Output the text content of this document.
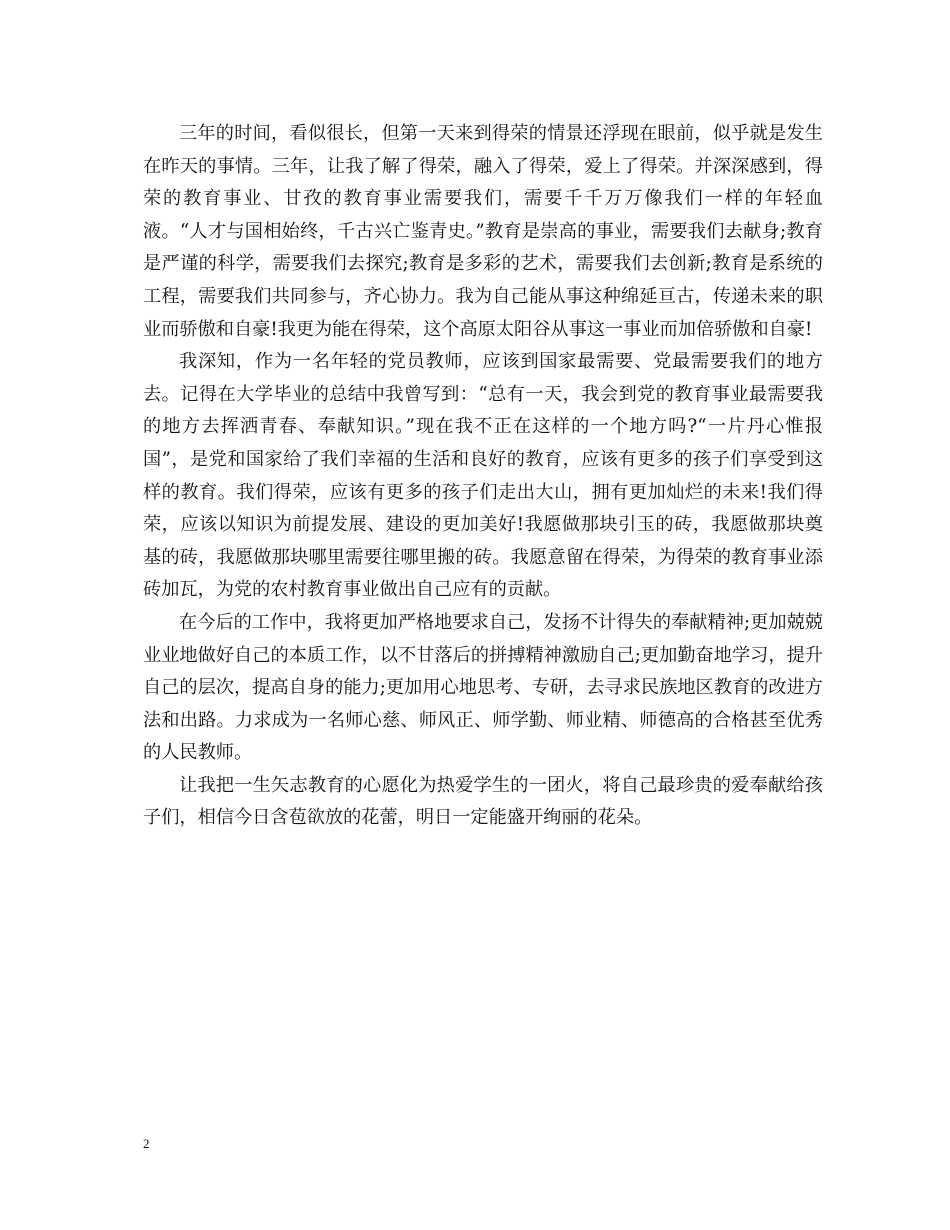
三年的时间，看似很长，但第一天来到得荣的情景还浮现在眼前，似乎就是发生在昨天的事情。三年，让我了解了得荣，融入了得荣，爱上了得荣。并深深感到，得荣的教育事业、甘孜的教育事业需要我们，需要千千万万像我们一样的年轻血液。“人才与国相始终，千古兴亡鉴青史。”教育是崇高的事业，需要我们去献身;教育是严谨的科学，需要我们去探究;教育是多彩的艺术，需要我们去创新;教育是系统的工程，需要我们共同参与，齐心协力。我为自己能从事这种绵延亘古，传递未来的职业而骄傲和自豪!我更为能在得荣，这个高原太阳谷从事这一事业而加倍骄傲和自豪!

我深知，作为一名年轻的党员教师，应该到国家最需要、党最需要我们的地方去。记得在大学毕业的总结中我曾写到：“总有一天，我会到党的教育事业最需要我的地方去挥洒青春、奉献知识。”现在我不正在这样的一个地方吗?“一片丹心惟报国”，是党和国家给了我们幸福的生活和良好的教育，应该有更多的孩子们享受到这样的教育。我们得荣，应该有更多的孩子们走出大山，拥有更加灿烂的未来!我们得荣，应该以知识为前提发展、建设的更加美好!我愿做那块引玉的砖，我愿做那块奠基的砖，我愿做那块哪里需要往哪里搬的砖。我愿意留在得荣，为得荣的教育事业添砖加瓦，为党的农村教育事业做出自己应有的贡献。

在今后的工作中，我将更加严格地要求自己，发扬不计得失的奉献精神;更加兢兢业业地做好自己的本质工作，以不甘落后的拼搏精神激励自己;更加勤奋地学习，提升自己的层次，提高自身的能力;更加用心地思考、专研，去寻求民族地区教育的改进方法和出路。力求成为一名师心慈、师风正、师学勤、师业精、师德高的合格甚至优秀的人民教师。

让我把一生矢志教育的心愿化为热爱学生的一团火，将自己最珍贵的爱奉献给孩子们，相信今日含苞欲放的花蕾，明日一定能盛开绚丽的花朵。

2
